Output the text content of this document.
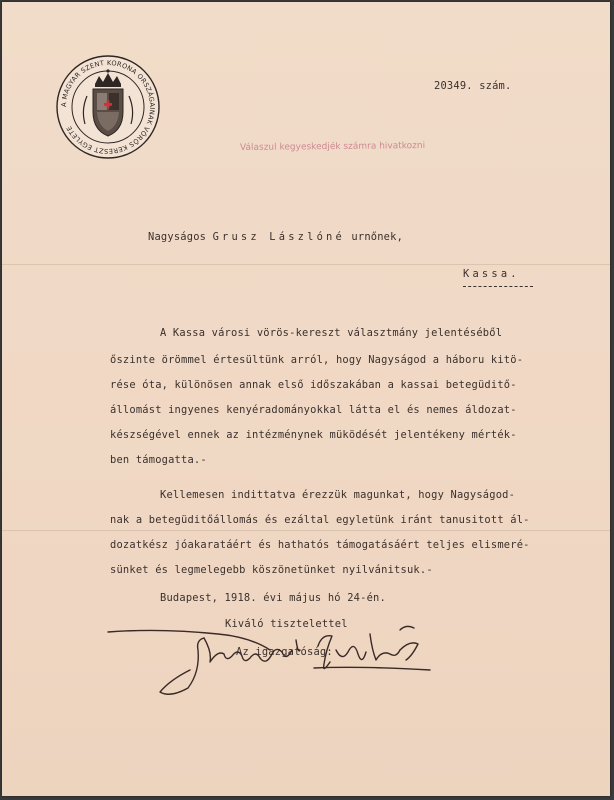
A MAGYAR SZENT KORONA ORSZÁGAINAK VÖRÖS KERESZT EGYLETE
20349. szám.
Válaszul kegyeskedjék számra hivatkozni
Nagyságos Grusz Lászlóné urnőnek,
Kassa.
A Kassa városi vörös-kereszt választmány jelentéséből
őszinte örömmel értesültünk arról, hogy Nagyságod a háboru kitö-
rése óta, különösen annak első időszakában a kassai betegüditő-
állomást ingyenes kenyéradományokkal látta el és nemes áldozat-
készségével ennek az intézménynek müködését jelentékeny mérték-
ben támogatta.-
Kellemesen indittatva érezzük magunkat, hogy Nagyságod-
nak a betegüditőállomás és ezáltal egyletünk iránt tanusitott ál-
dozatkész jóakaratáért és hathatós támogatásáért teljes elismeré-
sünket és legmelegebb köszönetünket nyilvánitsuk.-
Budapest, 1918. évi május hó 24-én.
Kiváló tisztelettel
Az igazgatóság:
